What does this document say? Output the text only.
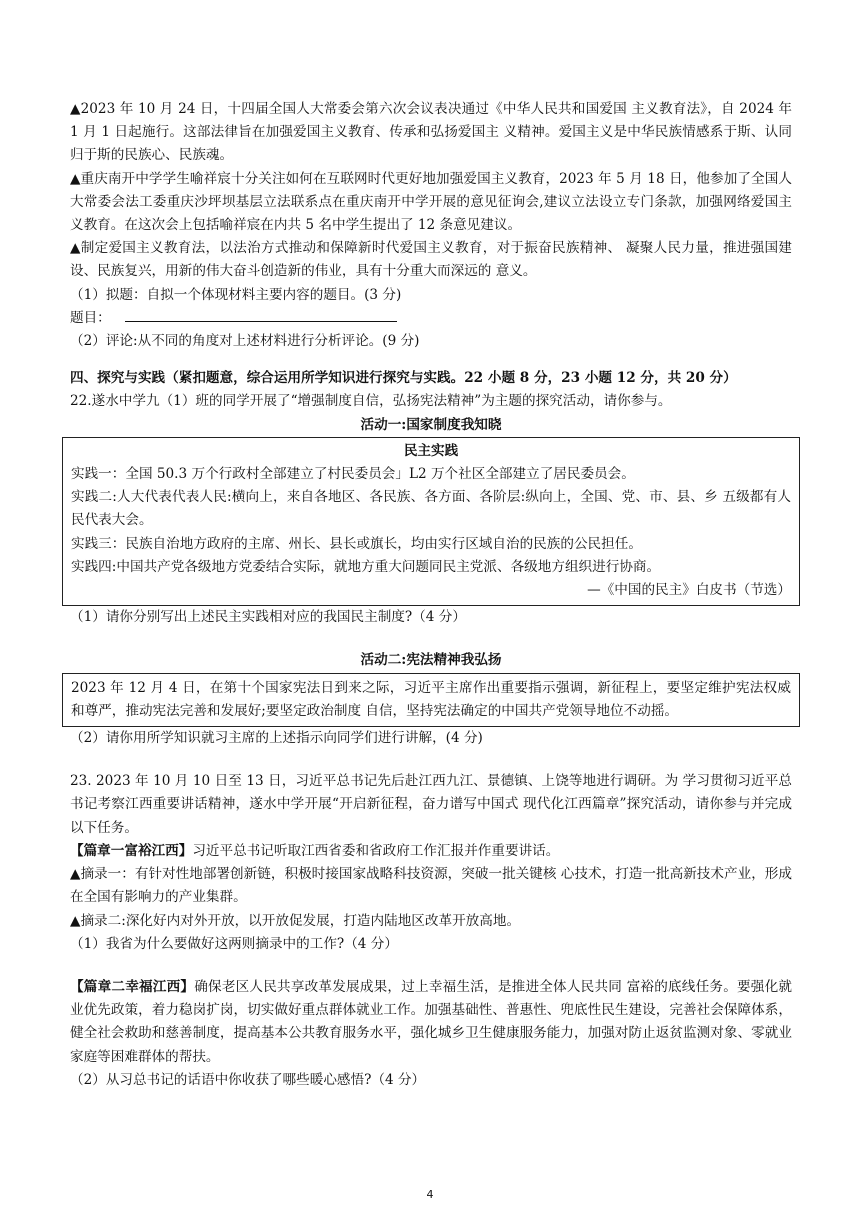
▲2023 年 10 月 24 日，十四届全国人大常委会第六次会议表决通过《中华人民共和国爱国 主义教育法》，自 2024 年 1 月 1 日起施行。这部法律旨在加强爱国主义教育、传承和弘扬爱国主 义精神。爱国主义是中华民族情感系于斯、认同归于斯的民族心、民族魂。

▲重庆南开中学学生喻祥宸十分关注如何在互联网时代更好地加强爱国主义教育，2023 年 5 月 18 日，他参加了全国人大常委会法工委重庆沙坪坝基层立法联系点在重庆南开中学开展的意见征询会,建议立法设立专门条款，加强网络爱国主义教育。在这次会上包括喻祥宸在内共 5 名中学生提出了 12 条意见建议。

▲制定爱国主义教育法，以法治方式推动和保障新时代爱国主义教育，对于振奋民族精神、 凝聚人民力量，推进强国建设、民族复兴，用新的伟大奋斗创造新的伟业，具有十分重大而深远的 意义。

（1）拟题：自拟一个体现材料主要内容的题目。(3 分)

题目：

（2）评论:从不同的角度对上述材料进行分析评论。(9 分)

四、探究与实践（紧扣题意，综合运用所学知识进行探究与实践。22 小题 8 分，23 小题 12 分，共 20 分）

22.遂水中学九（1）班的同学开展了“增强制度自信，弘扬宪法精神”为主题的探究活动，请你参与。

活动一:国家制度我知晓

民主实践

实践一：全国 50.3 万个行政村全部建立了村民委员会」L2 万个社区全部建立了居民委员会。

实践二:人大代表代表人民:横向上，来自各地区、各民族、各方面、各阶层:纵向上，全国、党、市、县、乡 五级都有人民代表大会。

实践三：民族自治地方政府的主席、州长、县长或旗长，均由实行区域自治的民族的公民担任。

实践四:中国共产党各级地方党委结合实际，就地方重大问题同民主党派、各级地方组织进行协商。

—《中国的民主》白皮书（节选）

（1）请你分别写出上述民主实践相对应的我国民主制度?（4 分）

活动二:宪法精神我弘扬

2023 年 12 月 4 日，在第十个国家宪法日到来之际，习近平主席作出重要指示强调，新征程上，要坚定维护宪法权威和尊严，推动宪法完善和发展好;要坚定政治制度 自信，坚持宪法确定的中国共产党领导地位不动摇。

（2）请你用所学知识就习主席的上述指示向同学们进行讲解，(4 分)

23. 2023 年 10 月 10 日至 13 日，习近平总书记先后赴江西九江、景德镇、上饶等地进行调研。为 学习贯彻习近平总书记考察江西重要讲话精神，遂水中学开展“开启新征程，奋力谱写中国式 现代化江西篇章”探究活动，请你参与并完成以下任务。

【篇章一富裕江西】习近平总书记听取江西省委和省政府工作汇报并作重要讲话。

▲摘录一：有针对性地部署创新链，积极时接国家战略科技资源，突破一批关键核 心技术，打造一批高新技术产业，形成在全国有影响力的产业集群。

▲摘录二:深化好内对外开放，以开放促发展，打造内陆地区改革开放高地。

（1）我省为什么要做好这两则摘录中的工作?（4 分）

【篇章二幸福江西】确保老区人民共享改革发展成果，过上幸福生活，是推进全体人民共同 富裕的底线任务。要强化就业优先政策，着力稳岗扩岗，切实做好重点群体就业工作。加强基础性、普惠性、兜底性民生建设，完善社会保障体系，健全社会救助和慈善制度，提高基本公共教育服务水平，强化城乡卫生健康服务能力，加强对防止返贫监测对象、零就业家庭等困难群体的帮扶。

（2）从习总书记的话语中你收获了哪些暖心感悟?（4 分）

4
